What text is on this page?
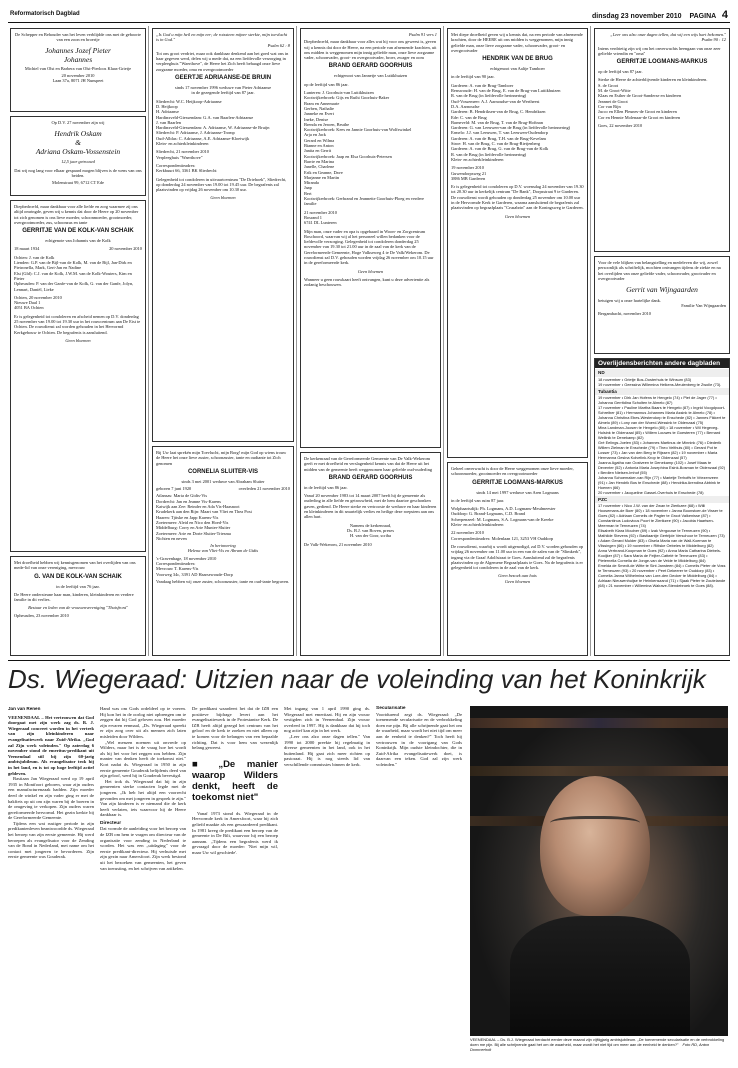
Reformatorisch Dagblad	dinsdag 23 november 2010 PAGINA 4
De Schepper en Behouder van het leven verblijdde ons met de geboorte van een zoon en broertje
Johannes Jozef Pieter
Johannes
Michiel van Olst en Barbera van Olst-Pierloos Klaas-Grietje
20 november 2010
Laan 37a, 8071 JH Nunspeet
Op D.V. 27 november zijn wij
Hendrik Oskam
&
Adriana Oskam-Vossenstein
12,5 jaar getrouwd
Dat wij nog lang voor elkaar gespaard mogen blijven is de wens van ons beiden.
Molenstraat 99, 6712 CT Ede
Diepbedroefd, maar dankbaar voor alle liefde en zorg waarmee zij ons altijd omringde, geven wij u kennis dat door de Heere op 20 november tot zich genomen is ons lieve moeder, schoonmoeder, grootmoeder, overgrootmoeder, zus, schoonzus en tante
GERRITJE VAN DE KOLK-VAN SCHAIK
echtgenote van Johannis van de Kolk
18 maart 1934	20 november 2010
Ochten: J. van de Kolk
Lienden: G.P. van de Bijl-van de Kolk, M. van de Bijl, Jan-Dirk en Pietronella, Mark, Gert-Jan en Nadine
Elst (Gld): C.J. van de Kolk, J.W.M. van de Kolk-Wouters, Kim en Pieter
Opheusden: P. van der Ganfe-van de Kolk, G. van der Ganfe, Jolyn, Lennart, Daniël, Lieke
Ochten, 20 november 2010
Nieuwe Daal 1
4051 BA Ochten
Er is gelegenheid tot condoleren en afscheid nemen op D.V. donderdag 25 november van 19.00 tot 19.30 uur in het rouwcentrum aan De Eist te Ochten. De rouwdienst zal worden gehouden in het Hervormd Kerkgebouw te Ochten. De begrafenis is aansluitend.
Geen bloemen
Met droefheid hebben wij kennisgenomen van het overlijden van ons mede-lid van onze vereniging, mevrouw
G. VAN DE KOLK-VAN SCHAIK
in de leeftijd van 76 jaar.
De Heere ondersteune haar man, kinderen, kleinkinderen en verdere familie in dit verlies.
Bestuur en leden van de vrouwenvereniging "Thuisfront"
Opheusden, 23 november 2010
„Is God u mijn heil en mijn eer; de rotssteen mijner sterkte, mijn toevlucht is in God."
Psalm 62 : 8
Tot ons groot verdriet, maar ook dankbaar denkend aan het goed wat ons in haar gegeven werd, delen wij u mede dat, na een liefdevolle verzorging in verpleeghuis "Waerthove", de Heere het Zich heeft behaagd onze lieve zorgzame moeder, oma en overgrootmoeder
GEERTJE ADRIAANSE-DE BRUIN
sinds 17 november 1996 weduwe van Pieter Adriaanse
in de gezegende leeftijd van 87 jaar.
Sliedrecht: W.C. Heijkoop-Adriaanse
D. Heijkoop
H. Adriaanse
Hardinxveld-Giessendam: G.A. van Baarlen-Adriaanse
J. van Baarlen
Hardinxveld-Giessendam: A. Adriaanse, W. Adriaanse-de Bruijn
Sliedrecht: P. Adriaanse, J. Adriaanse-Tromp
Oud-Alblas: C. Adriaanse, A.E. Adriaanse-Kloetwijk
Klein- en achterkleinkinderen
Sliedrecht, 21 november 2010
Verpleeghuis "Waerthove"
Correspondentieadres:
Kerkbuurt 66, 3361 BK Sliedrecht
Gelegenheid tot condoleren in uitvaartcentrum "De Driehoek", Sliedrecht, op donderdag 24 november van 19.00 tot 19.45 uur. De begrafenis zal plaatsvinden op vrijdag 26 november om 10.30 uur.
Geen bloemen
Bij Uw laat sprekén mijn Toevlucht, mijn Borg! mijn God op wiens trouw de Heere het onze lieve zuster, schoonzuster, tante en oudtante tot Zich genomen
CORNELIA SLUITER-VIS
sinds 3 mei 2001 weduwe van Abraham Sluiter
geboren 7 juni 1920	overleden 21 november 2010
Atlansas: Maria de Gidts-Vis
Dordrecht: Jan en Jeanne Vis-Karens
Katwijk aan Zee: Reinder en Ada Vis-Haasnoot
Krudekerk aan den Rijn: Maart van Vliet en Thea Post
Haaren: Tjitske en Japp Karens-Vis
Zoetermeer: Aleid en Nico den Hoed-Vis
Middelburg: Corry en Arie Munter-Sluiter
Zoetermeer: Arie en Dorie Sluiter-Triesma
Nichten en neven
In herinnering
Helena van Vliet-Vis en Abram de Gidts
's-Gravenhage, 18 november 2010
Correspondentieadres:
Mevrouw T. Karens-Vis
Voorweg 34c, 3391 AD Haarsewoude-Dorp
Vandaag hebben wij onze zuster, schoonzuster, tante en oud-tante begraven.
Psalm 91 vers 1
Diepbedroefd, maar dankbaar voor alles wat hij voor ons geweest is, geven wij u kennis dat door de Heere, na een periode van afnemende krachten, uit ons midden is weggenomen mijn innig geliefde man, onze lieve zorgzame vader, schoonvader, groot- en overgrootvader, broer, zwager en oom
BRAND GERARD GOORHUIS
echtgenoot van Jannetje van Luttikhuizen
op de leeftijd van 86 jaar.
Lunteren: J. Goorhuis-van Luttikhuizen
Kootwijkerbroek: Gijs en Ruthi Goorhuis-Baker
Bram en Annemarie
Gerben, Nathalie
Janneke en Evert
Ineke, Denise
Brenda en Jeroen, Beuthe
Kootwijkerbroek: Kees en Jannie Goorhuis-van Wolfswinkel
Arja en Jack
Gerard en Wilma
Bianne en Anton
Janita en Gerrit
Kootwijkerbroek: Jaap en Elsa Goorhuis-Petersen
Barrie en Marina
Janelle, Charlene
Erik en Geanne, Dave
Marjanne en Martin
Miranda
Jaap
Bert
Kootwijkerbroek: Gerbrand en Jeannette Goorhuis-Ploeg en verdere familie
21 november 2010
Bosrand 1
6741 DL Lunteren
Mijn man, onze vader en opa is opgebaard in Woon- en Zorgcentrum Boschoord, waarvan wij al het personeel willen bedanken voor de liefdevolle verzorging. Gelegenheid tot condoleren donderdag 25 november van 19.30 tot 21.00 uur in de zaal van de kerk van de Gereformeerde Gemeente, Hoge Valkseweg 4 te De Valk/Wekerom. De rouwdienst zal D.V. gehouden worden vrijdag 26 november om 10.15 uur in de gereformeerde kerk.
Geen bloemen
Wanneer u geen rouwkaart heeft ontvangen, kunt u deze advertentie als zodanig beschouwen.
De kerkenraad van de Gereformeerde Gemeente van De Valk-Wekerom geeft er met droefheid en verslagenheid kennis van dat de Heere uit het midden van de gemeente heeft weggenomen haar geliefde oud-ouderling
BRAND GERARD GOORHUIS
in de leeftijd van 86 jaar.
Vanaf 20 november 1983 tot 14 maart 2007 heeft hij de gemeente als ouderling in alle liefde en getrouwheid, met de hem daartoe geschonken gaven, gediend. De Heere sterke en vertrooste de weduwe en haar kinderen en kleinkinderen in dit smartelijk verlies en heilige deze roepstem aan ons allen hart.
Namens de kerkenraad,
Ds. B.J. van Boven, preses
H. van der Goor, scriba
De Valk-Wekerom, 21 november 2010
Met diepe droefheid geven wij u kennis dat, na een periode van afnemende krachten, door de HEERE uit ons midden is weggenomen, mijn innig geliefde man, onze lieve zorgzame vader, schoonvader, groot- en overgrootvader
HENDRIK VAN DE BRUG
echtgenoot van Aaltje Tamboer
in de leeftijd van 90 jaar.
Garderen: A. van de Brug-Tamboer
Renswoude: H. van de Brug, E. van de Brug-van Luttikhuizen
R. van de Brug (in liefdevolle herinnering)
Oud-Vossemeer: A.J. Aarnoudse-van de Wertheest
D.A. Aarnoudse
Garderen: B. Hendriksen-van de Brug, C. Hendriksen
Ede: C. van de Brug
Barneveld: M. van de Brug, T. van de Brug-Hoftnan
Garderen: G. van Leeuwen-van de Brug (in liefdevolle herinnering)
Ermelo: J.J. van Leeuwen, T. van Leeuwen-Oudendorp
Garderen: A. van de Brug, T.H. van de Brug-Kevelam
Stroe: H. van de Brug, C. van de Brug-Rietjenberg
Garderen: A. van de Brug, G. van de Brug-van de Kolk
R. van de Brug (in liefdevolle herinnering)
Klein- en achterkleinkinderen
19 november 2010
Guwendorpsweg 21
3886 MB Garderen
Er is gelegenheid tot condoleren op D.V. woensdag 24 november van 19.30 tot 20.30 uur in kerkelijk centrum "De Bank", Dorpsstraat 9 te Garderen. De rouwdienst wordt gehouden op donderdag 25 november om 10.00 uur in de Hervormde Kerk te Garderen, waarna aansluitend de begrafenis zal plaatsvinden op begraafplaats "Crusabrin" aan de Koningsweg te Garderen.
Geen bloemen
Geheel onverwacht is door de Heere weggenomen onze lieve moeder, schoonmoeder, grootmoeder en overgrootmoeder
GERRITJE LOGMANS-MARKUS
sinds 14 mei 1997 weduwe van Aren Logmans
in de leeftijd van ruim 87 jaar.
Wolphaartsdijk: Ph. Logmans, A.D. Logmans-Meulmeester
Ouddorp: G. Brand-Logmans, C.D. Brand
Scherpenzeel: M. Logmans, S.A. Logmans-van de Kreeke
Klein- en achterkleinkinderen
22 november 2010
Correspondentieadres: Molenlaan 121, 3253 VH Ouddorp
De rouwdienst, waarbij u wordt uitgenodigd, zal D.V. worden gehouden op vrijdag 26 november om 11.00 uur in een van de zalen van de "Slimkerk", ingang via de Graaf Adolfstraat te Goes. Aansluitend zal de begrafenis plaatsvinden op de Algemene Begraafplaats te Goes. Na de begrafenis is er gelegenheid tot condoleren in de zaal van de kerk.
Geen bezoek aan huis
Geen bloemen
„Leer ons alzo onze dagen tellen, dat wij een wijs hart bekomen."
Psalm 90 : 12
Intens verdrietig zijn wij om het onverwachts heengaan van onze zeer geliefde vriendin en "oma"
GERRITJE LOGMANS-MARKUS
op de leeftijd van 87 jaar.
Sterke de Heere de achterblijvende kinderen en kleinkinderen.
S. de Groot
M. de Groot-Witte
Klaas en Esther de Groot-Sanderse en kinderen
Jeannet de Groot
Cor van Rijn
Jacco en Ellen Pleunes-de Groot en kinderen
Cor en Hennie Molenaar-de Groot en kinderen
Goes, 22 november 2010
Voor de vele blijken van belangstelling en medeleven die wij, zowel persoonlijk als schriftelijk, mochten ontvangen tijdens de ziekte en na het overlijden van onze geliefde vader, schoonvader, grootvader en overgrootvader
Gerrit van Wijngaarden
betuigen wij u onze hartelijke dank.
Familie Van Wijngaarden
Bergambacht, november 2010
Overlijdensberichten andere dagbladen
ND
18 november • Grietje Bos-Oosterhuis te Winsum (83)
19 november • Geessina Willemina Helkens-Meulenberg te Zwolle (73).
Tubantia
19 november • Dirk Jan Hofens te Hengelo (74) • Piet de Jager (77) • Johanna Gerritdina Scholten te Almelo (87)
17 november • Pauline Martha Baars te Hengelo (87) • Ingrid Voogdpoort-Schreiber (81) • Hermannus Johannes Maria Assink te Almelo (78) • Johanna Christina Ebes-Westendorp te Enschede (82) • Jannes Fikkert te Almelo (89) • Lony van der Woerd-Wessink te Oldenzaal (75)
Mina Landman-Joosen te Hengelo (80) • 18 november • Wil Hegeveg-Hulsink te Oldenzaal (85) • Willem Louwes te Goesteren (77) • Bernard Wellinik te Denekamp (82)
Gré Eelings-Joelen (83) • Johannes Martinus de Minnink (76) • Diederik Willem Zielman te Enschede (79) • Theo Velthuis (80) • Gerard Pot te Losser (73) • Jan van den Berg te Rijssen (82) • 19 november • Maria Hermanna Gesina Kolvelink-Krop te Oldenzaal (57)
Joanna Agatha van Oostveen te Denekamp (102) • Josef Maas te Deventer (52) • Antonia Maria Josephina Esink-Bosman te Oldenzaal (92) • Berdien Nielsen-Imhof (55)
Johanna Schoemaker-van Rijn (77) • Marietje Terhoffs te Vriezenveen (91) • Jan Hendrik Bos te Enschede (88) • Hendrika Arendina Abbink te Hoenen (66)
20 november • Jacqueline Gassel-Overhuis te Enschede (78)
PZC
17 november • Nico J.W. van der Zwan te Zierikzee (68) • Willi Hoosemans-de Boer (80) • 18 november • Janna Boonstoer-de Visser te Goes (82) • Adriaan Cornelis de Pagter te Groot Valkenisse (87) • Constantinus Ludovicus Poort te Zierikzee (90) • Jacobia Haartsen-Meerman te Terneuzen (74)
Elisabeth Klara Moulner (89) • Izak Vergouwe te Terneuzen (90) • Mathilde Stevens (92) • Bastiaantje Gertrijde Verschoor te Terneuzen (73) • Adam Gerard Mulder (83) • Gisela Maria van de Wall-Koeman te Vlissingen (66) • 19 november • Rittske Oebeles te Middelburg (82)
Anna Verbrand-Koopman te Goes (92) • Anna Maria Catharina Diebels-Kooijker (87) • Sara Maria de Feijter-Cattelé te Terneuzen (83) • Pieternella Cornelia de Jonge-van de Velde te Middelburg (84)
Emelda de Smedt-de Witte te Sint Jansteen (84) • Cornelis Pieter de Voss te Terneuzen (93) • 20 november • Peet Dekeerer te Ouddorp (83) • Cornelia Janna Wilhelmina van Lore-den Decker te Middelburg (84) • Adriaan Nieuwenhuijse te Heinkenszand (71) • Sjaak Pieter te Zoutelande (68) • 21 november • Willemina Walrave-Stendebroek te Goes (88).
Ds. Wiegeraad: Uitzien naar de voleinding van het Koninkrijk
Jan van Renen

VEENENDAAL – Het vertrouwen dat God doorgaat met zijn werk zag ds. B. J. Wiegeraad concreet worden in het vertrek van zijn kleinkinderen naar evangelisatiewerk naar Zuid-Afrika. „God zal Zijn werk voleinden." Op zaterdag 6 november stond de emeritus-predikant uit Veenendaal stil bij zijn 60-jarig ambtsjubileum. Als evangelisator trok hij in het land, en is tot op hoge leeftijd actief gebleven.

Bastiaan Jan Wiegeraad werd op 19 april 1935 in Montfoort geboren, waar zijn ouders een manufacturenzaak hadden. Zijn moeder deed de winkel en zijn vader ging er met de bakfiets op uit om zijn waren bij de boeren in de omgeving te verkopen. Zijn ouders waren gereformeerde hervormd. Het gezin kerkte bij de Gereformeerde Gemeente.

Tijdens een wat rustiger periode in zijn predikantenleven beantwoordde ds. Wiegeraad het beroep van zijn eerste gemeente. Hij werd beroepen als evangelisator voor de Zending van de Bond in Nederland, met name om het contact met jongeren te bevorderen. Zijn eerste gemeente was Gouderak.

Hand was om Gods ordeldeel op te voeren. Hij kon het in de oorlog niet opbrengen om te zeggen dat hij God geloven zou. Het moeder zijn ervaren eenmaal, „Ds. Wiegeraad spreekt er zijn zorg over uit als mensen zich laten misleiden door Wilders.

„Wel menzen noemen uit onvrede op Wilders, maar het is de vraag hoe het wordt als hij het voor het zeggen zou hebben. Zijn manier van denken heeft de toekomst niet." Kort nadat ds. Wiegeraad in 1950 in zijn eerste gemeente Gouderak belijdenis deed van zijn geloof, werd hij in Gouderak bevestigd.

Het trok ds. Wiegeraad dat hij in zijn gemeenten sterke contacten legde met de jongeren. „Ik heb het altijd een voorrecht gevonden om met jongeren in gesprek te zijn." Van zijn kinderen is er niemand die de kerk heeft verlaten, iets waarvoor hij de Heere dankbaar is.

Directeur

Dat vormde de aanleiding voor het beroep van de IZB om hem te vragen om directeur van de organisatie voor zending in Nederland te worden. Het was een „uitdaging" voor de eerste predikant-directeur. Hij verhuisde met zijn gezin naar Amersfoort. Zijn werk bestond uit het bezoeken van gemeenten, het geven van toerusting, en het schrijven van artikelen.

De predikant waardeert het dat de IZB een positieve bijdrage levert aan het evangelisatiewerk in de Protestantse Kerk. De IZB heeft altijd gezegd het centrum van het geloof en de kerk te zoeken en niet alleen op te komen voor de belangen van een bepaalde richting. Dat is voor hem van wezenlijk belang geweest.

■ „De manier waarop Wilders denkt, heeft de toekomst niet"

Vanaf 1973 stond ds. Wiegeraad in de Hervormde kerk in Amersfoort, waar hij zich geliefd maakte als een gewaardeerd predikant. In 1981 kreeg de predikant een beroep van de gemeente in De Bilt, waarvoor hij een beroep aannam. „Tijdens een begrafenis werd ik gevraagd door de moeder: 'Niet mijn wil, maar Uw wil geschiede'.

Met ingang van 1 april 1990 ging ds. Wiegeraad met emeritaat. Hij en zijn vrouw vestigden zich in Veenendaal. Zijn vrouw overleed in 1997. Hij is dankbaar dat hij toch nog actief kan zijn in het werk.

„Leer ons alzo onze dagen tellen." Van 1990 tot 2000 preekte hij regelmatig in diverse gemeenten in het land, ook in het buitenland. Hij gaat zich meer richten op pastoraat. Hij is nog steeds lid van verschillende commissies binnen de kerk.

Secularisatie

Voortdurend zegt ds. Wiegeraad: „De toenemende secularisatie en de verbrokkeling doen me pijn. Bij alle schrijnende gaat het om de waarheid, maar wordt het niet tijd om meer aan de eenheid te denken?" Toch heeft hij vertrouwen in de voortgang van Gods Koninkrijk. Mijn oudste kleindochter, die in Zuid-Afrika evangelisatiewerk doet, is daarvan een teken. God zal zijn werk voleinden."

VEENENDAAL – Ds. B.J. Wiegeraad herdacht eerder deze maand zijn vijftigjarig ambtsjubileum. „De toenemende secularisatie en de verbrokkeling doen me pijn. Bij alle schrijnende gaat het om de waarheid, maar wordt het niet tijd om meer aan de eenheid te denken?" Foto RD, Anton Dommerholt
